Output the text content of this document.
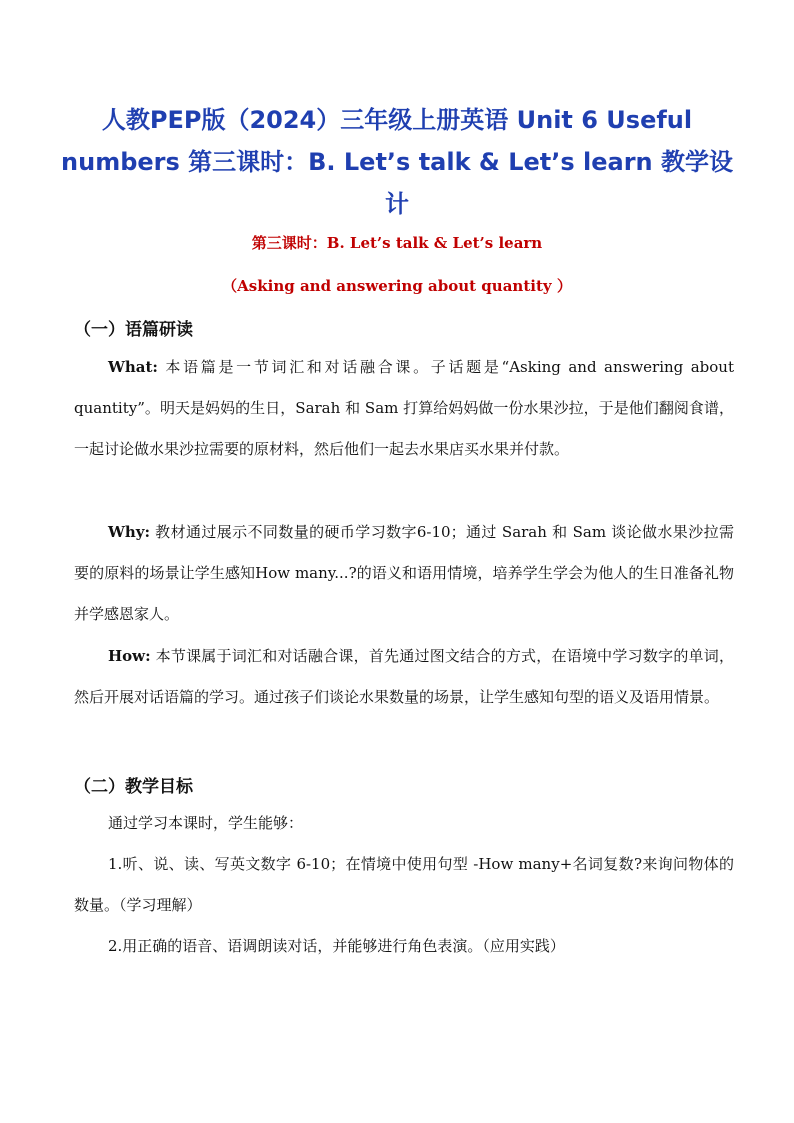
人教PEP版（2024）三年级上册英语 Unit 6 Useful numbers 第三课时：B. Let’s talk & Let’s learn 教学设计
第三课时：B. Let’s talk & Let’s learn
（Asking and answering about quantity ）
（一）语篇研读

What: 本语篇是一节词汇和对话融合课。子话题是“Asking and answering about quantity”。明天是妈妈的生日，Sarah 和 Sam 打算给妈妈做一份水果沙拉，于是他们翻阅食谱，一起讨论做水果沙拉需要的原材料，然后他们一起去水果店买水果并付款。

Why: 教材通过展示不同数量的硬币学习数字6-10；通过 Sarah 和 Sam 谈论做水果沙拉需要的原料的场景让学生感知How many...?的语义和语用情境，培养学生学会为他人的生日准备礼物并学感恩家人。

How: 本节课属于词汇和对话融合课，首先通过图文结合的方式，在语境中学习数字的单词，然后开展对话语篇的学习。通过孩子们谈论水果数量的场景，让学生感知句型的语义及语用情景。

（二）教学目标

通过学习本课时，学生能够：

1.听、说、读、写英文数字 6-10；在情境中使用句型 -How many+名词复数?来询问物体的数量。（学习理解）

2.用正确的语音、语调朗读对话，并能够进行角色表演。（应用实践）
